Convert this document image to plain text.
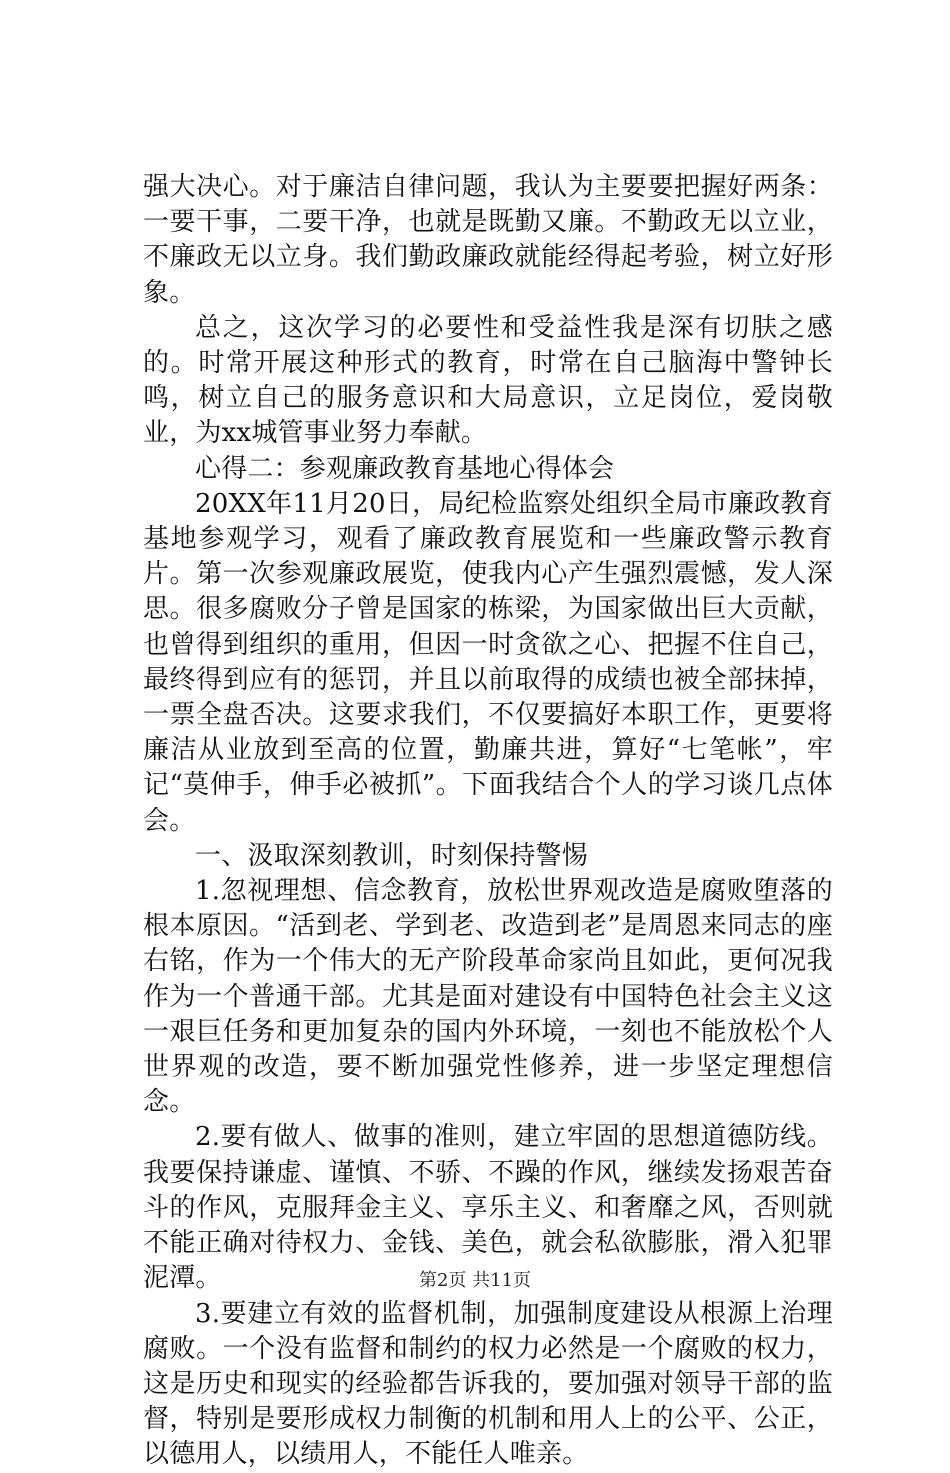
强大决心。对于廉洁自律问题，我认为主要要把握好两条：一要干事，二要干净，也就是既勤又廉。不勤政无以立业，不廉政无以立身。我们勤政廉政就能经得起考验，树立好形象。

总之，这次学习的必要性和受益性我是深有切肤之感的。时常开展这种形式的教育，时常在自己脑海中警钟长鸣，树立自己的服务意识和大局意识，立足岗位，爱岗敬业，为xx城管事业努力奉献。

心得二：参观廉政教育基地心得体会

20XX年11月20日，局纪检监察处组织全局市廉政教育基地参观学习，观看了廉政教育展览和一些廉政警示教育片。第一次参观廉政展览，使我内心产生强烈震憾，发人深思。很多腐败分子曾是国家的栋梁，为国家做出巨大贡献，也曾得到组织的重用，但因一时贪欲之心、把握不住自己，最终得到应有的惩罚，并且以前取得的成绩也被全部抹掉，一票全盘否决。这要求我们，不仅要搞好本职工作，更要将廉洁从业放到至高的位置，勤廉共进，算好“七笔帐”，牢记“莫伸手，伸手必被抓”。下面我结合个人的学习谈几点体会。

一、汲取深刻教训，时刻保持警惕

1.忽视理想、信念教育，放松世界观改造是腐败堕落的根本原因。“活到老、学到老、改造到老”是周恩来同志的座右铭，作为一个伟大的无产阶段革命家尚且如此，更何况我作为一个普通干部。尤其是面对建设有中国特色社会主义这一艰巨任务和更加复杂的国内外环境，一刻也不能放松个人世界观的改造，要不断加强党性修养，进一步坚定理想信念。

2.要有做人、做事的准则，建立牢固的思想道德防线。我要保持谦虚、谨慎、不骄、不躁的作风，继续发扬艰苦奋斗的作风，克服拜金主义、享乐主义、和奢靡之风，否则就不能正确对待权力、金钱、美色，就会私欲膨胀，滑入犯罪泥潭。

3.要建立有效的监督机制，加强制度建设从根源上治理腐败。一个没有监督和制约的权力必然是一个腐败的权力，这是历史和现实的经验都告诉我的，要加强对领导干部的监督，特别是要形成权力制衡的机制和用人上的公平、公正，以德用人，以绩用人，不能任人唯亲。

第2页 共11页
